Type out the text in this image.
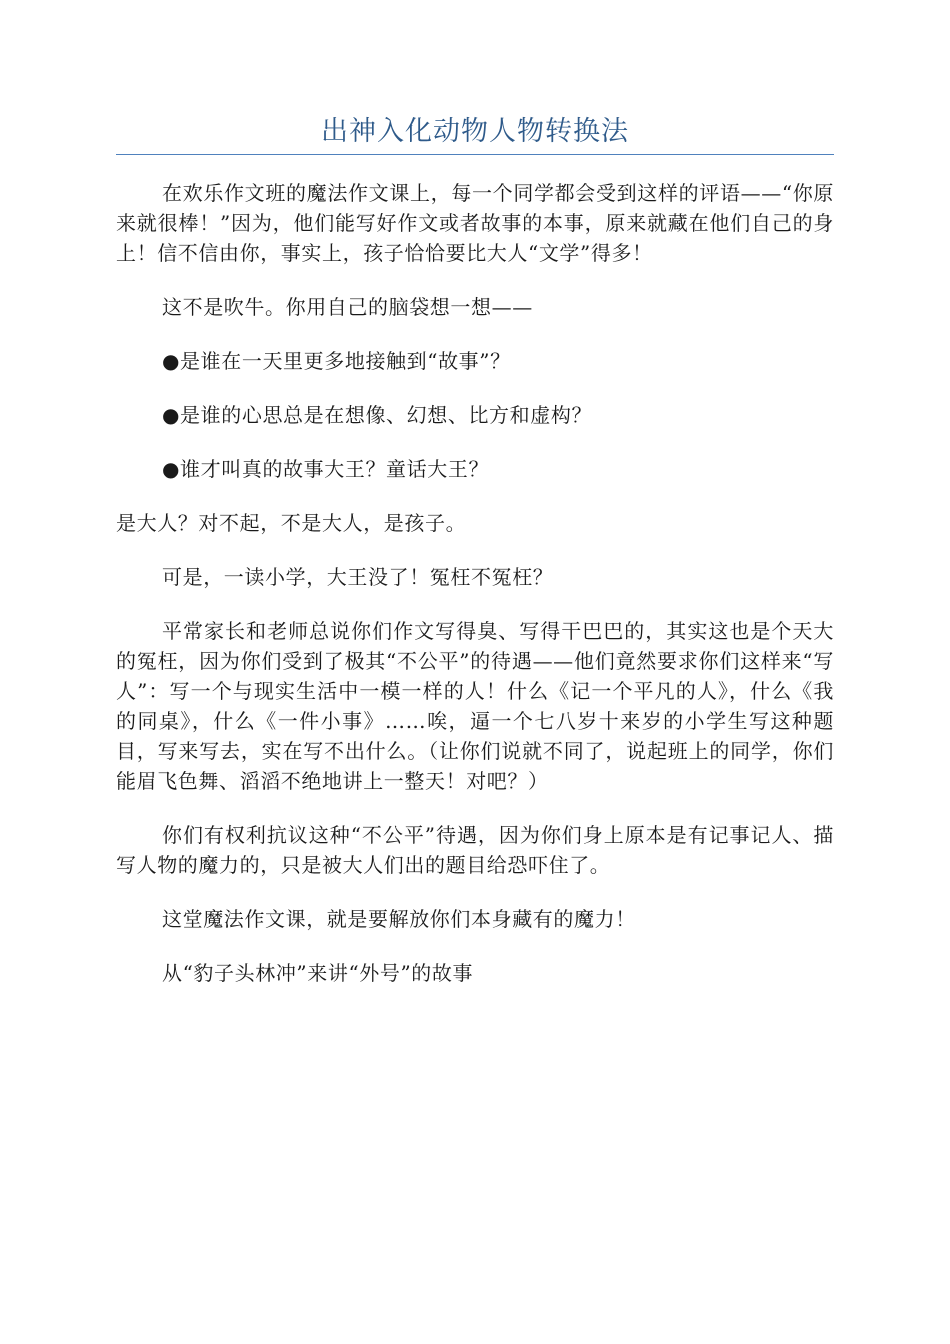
出神入化动物人物转换法

在欢乐作文班的魔法作文课上，每一个同学都会受到这样的评语——“你原来就很棒！”因为，他们能写好作文或者故事的本事，原来就藏在他们自己的身上！信不信由你，事实上，孩子恰恰要比大人“文学”得多！

这不是吹牛。你用自己的脑袋想一想——

●是谁在一天里更多地接触到“故事”？

●是谁的心思总是在想像、幻想、比方和虚构？

●谁才叫真的故事大王？童话大王？

是大人？对不起，不是大人，是孩子。

可是，一读小学，大王没了！冤枉不冤枉？

平常家长和老师总说你们作文写得臭、写得干巴巴的，其实这也是个天大的冤枉，因为你们受到了极其“不公平”的待遇——他们竟然要求你们这样来“写人”：写一个与现实生活中一模一样的人！什么《记一个平凡的人》，什么《我的同桌》，什么《一件小事》……唉，逼一个七八岁十来岁的小学生写这种题目，写来写去，实在写不出什么。（让你们说就不同了，说起班上的同学，你们能眉飞色舞、滔滔不绝地讲上一整天！对吧？）

你们有权利抗议这种“不公平”待遇，因为你们身上原本是有记事记人、描写人物的魔力的，只是被大人们出的题目给恐吓住了。

这堂魔法作文课，就是要解放你们本身藏有的魔力！

从“豹子头林冲”来讲“外号”的故事
